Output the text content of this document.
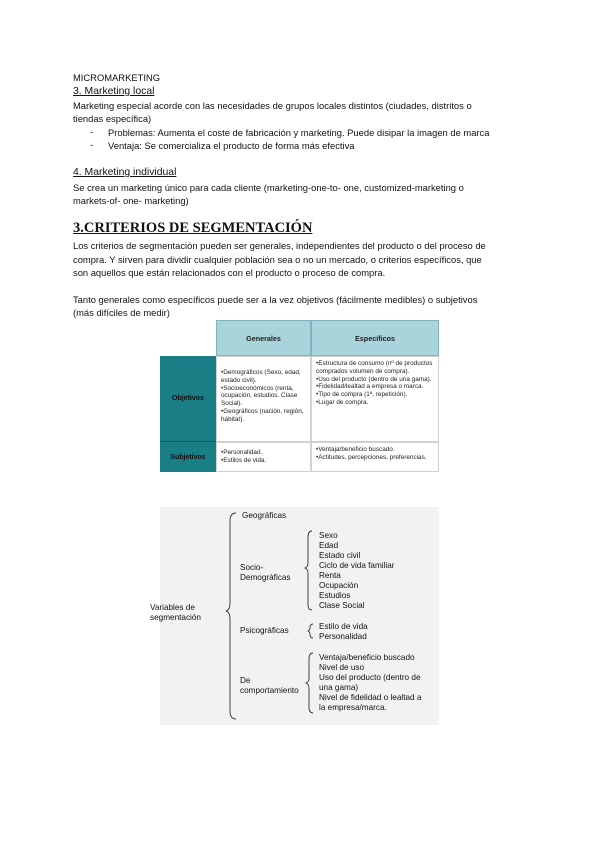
MICROMARKETING
3. Marketing local
Marketing especial acorde con las necesidades de grupos locales distintos (ciudades, distritos o
tiendas específica)
- Problemas: Aumenta el coste de fabricación y marketing. Puede disipar la imagen de marca
- Ventaja: Se comercializa el producto de forma más efectiva
4. Marketing individual
Se crea un marketing único para cada cliente (marketing-one-to- one, customized-marketing o
markets-of- one- marketing)
3.CRITERIOS DE SEGMENTACIÓN
Los criterios de segmentación pueden ser generales, independientes del producto o del proceso de
compra. Y sirven para dividir cualquier población sea o no un mercado, o criterios específicos, que
son aquellos que están relacionados con el producto o proceso de compra.
Tanto generales como específicos puede ser a la vez objetivos (fácilmente medibles) o subjetivos
(más difíciles de medir)
Generales	Específicos
Objetivos
•Demográficos (Sexo, edad, estado civil).
•Socioeconómicos (renta, ocupación, estudios. Clase Social).
•Geográficos (nación, región, hábitat).
•Estructura de consumo (nº de productos comprados volumen de compra).
•Uso del producto (dentro de una gama).
•Fidelidad/lealtad a empresa o marca.
•Tipo de compra (1ª, repetición).
•Lugar de compra.
Subjetivos
•Personalidad.
•Estilos de vida.
•Ventaja/beneficio buscado.
•Actitudes, percepciones, preferencias.
Variables de
segmentación
Geográficas
Socio-
Demográficas
Sexo
Edad
Estado civil
Ciclo de vida familiar
Renta
Ocupación
Estudios
Clase Social
Psicográficas	Estilo de vida
Personalidad
De
comportamiento
Ventaja/beneficio buscado
Nivel de uso
Uso del producto (dentro de
una gama)
Nivel de fidelidad o lealtad a
la empresa/marca.
